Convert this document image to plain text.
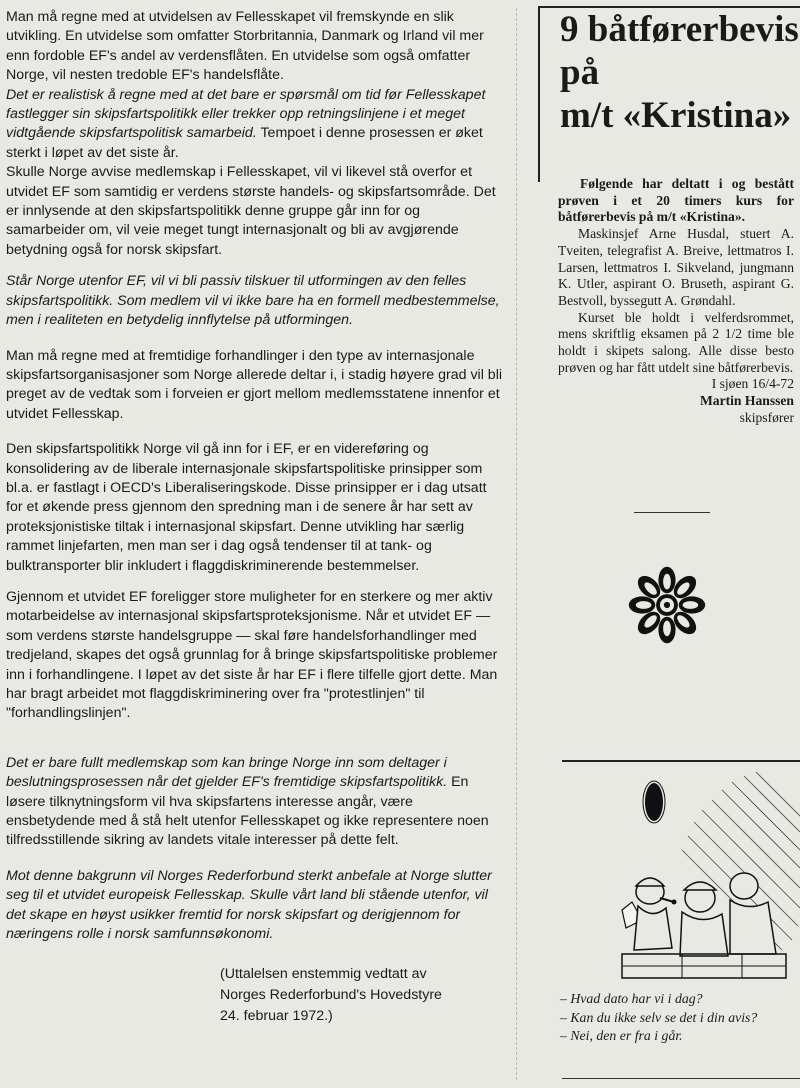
Man må regne med at utvidelsen av Fellesskapet vil fremskynde en slik utvikling. En utvidelse som omfatter Storbritannia, Danmark og Irland vil mer enn fordoble EF's andel av verdensflåten. En utvidelse som også omfatter Norge, vil nesten tredoble EF's handelsflåte.

Det er realistisk å regne med at det bare er spørsmål om tid før Fellesskapet fastlegger sin skipsfartspolitikk eller trekker opp retningslinjene i et meget vidtgående skipsfartspolitisk samarbeid. Tempoet i denne prosessen er øket sterkt i løpet av det siste år.

Skulle Norge avvise medlemskap i Fellesskapet, vil vi likevel stå overfor et utvidet EF som samtidig er verdens største handels- og skipsfartsområde. Det er innlysende at den skipsfartspolitikk denne gruppe går inn for og samarbeider om, vil veie meget tungt internasjonalt og bli av avgjørende betydning også for norsk skipsfart.

Står Norge utenfor EF, vil vi bli passiv tilskuer til utformingen av den felles skipsfartspolitikk. Som medlem vil vi ikke bare ha en formell medbestemmelse, men i realiteten en betydelig innflytelse på utformingen.

Man må regne med at fremtidige forhandlinger i den type av internasjonale skipsfartsorganisasjoner som Norge allerede deltar i, i stadig høyere grad vil bli preget av de vedtak som i forveien er gjort mellom medlemsstatene innenfor et utvidet Fellesskap.

Den skipsfartspolitikk Norge vil gå inn for i EF, er en videreføring og konsolidering av de liberale internasjonale skipsfartspolitiske prinsipper som bl.a. er fastlagt i OECD's Liberaliseringskode. Disse prinsipper er i dag utsatt for et økende press gjennom den spredning man i de senere år har sett av proteksjonistiske tiltak i internasjonal skipsfart. Denne utvikling har særlig rammet linjefarten, men man ser i dag også tendenser til at tank- og bulktransporter blir inkludert i flaggdiskriminerende bestemmelser.

Gjennom et utvidet EF foreligger store muligheter for en sterkere og mer aktiv motarbeidelse av internasjonal skipsfartsproteksjonisme. Når et utvidet EF — som verdens største handelsgruppe — skal føre handelsforhandlinger med tredjeland, skapes det også grunnlag for å bringe skipsfartspolitiske problemer inn i forhandlingene. I løpet av det siste år har EF i flere tilfelle gjort dette. Man har bragt arbeidet mot flaggdiskriminering over fra "protestlinjen" til "forhandlingslinjen".

Det er bare fullt medlemskap som kan bringe Norge inn som deltager i beslutningsprosessen når det gjelder EF's fremtidige skipsfartspolitikk. En løsere tilknytningsform vil hva skipsfartens interesse angår, være ensbetydende med å stå helt utenfor Fellesskapet og ikke representere noen tilfredsstillende sikring av landets vitale interesser på dette felt.

Mot denne bakgrunn vil Norges Rederforbund sterkt anbefale at Norge slutter seg til et utvidet europeisk Fellesskap. Skulle vårt land bli stående utenfor, vil det skape en høyst usikker fremtid for norsk skipsfart og derigjennom for næringens rolle i norsk samfunnsøkonomi.

(Uttalelsen enstemmig vedtatt av
Norges Rederforbund's Hovedstyre
24. februar 1972.)

9 båtførerbevis
på
m/t «Kristina»

Følgende har deltatt i og bestått prøven i et 20 timers kurs for båtførerbevis på m/t «Kristina».

Maskinsjef Arne Husdal, stuert A. Tveiten, telegrafist A. Breive, lettmatros I. Larsen, lettmatros I. Sikveland, jungmann K. Utler, aspirant O. Bruseth, aspirant G. Bestvoll, byssegutt A. Grøndahl.

Kurset ble holdt i velferdsrommet, mens skriftlig eksamen på 2 1/2 time ble holdt i skipets salong. Alle disse besto prøven og har fått utdelt sine båtførerbevis.

I sjøen 16/4-72

Martin Hanssen

skipsfører

– Hvad dato har vi i dag?
– Kan du ikke selv se det i din avis?
– Nei, den er fra i går.
